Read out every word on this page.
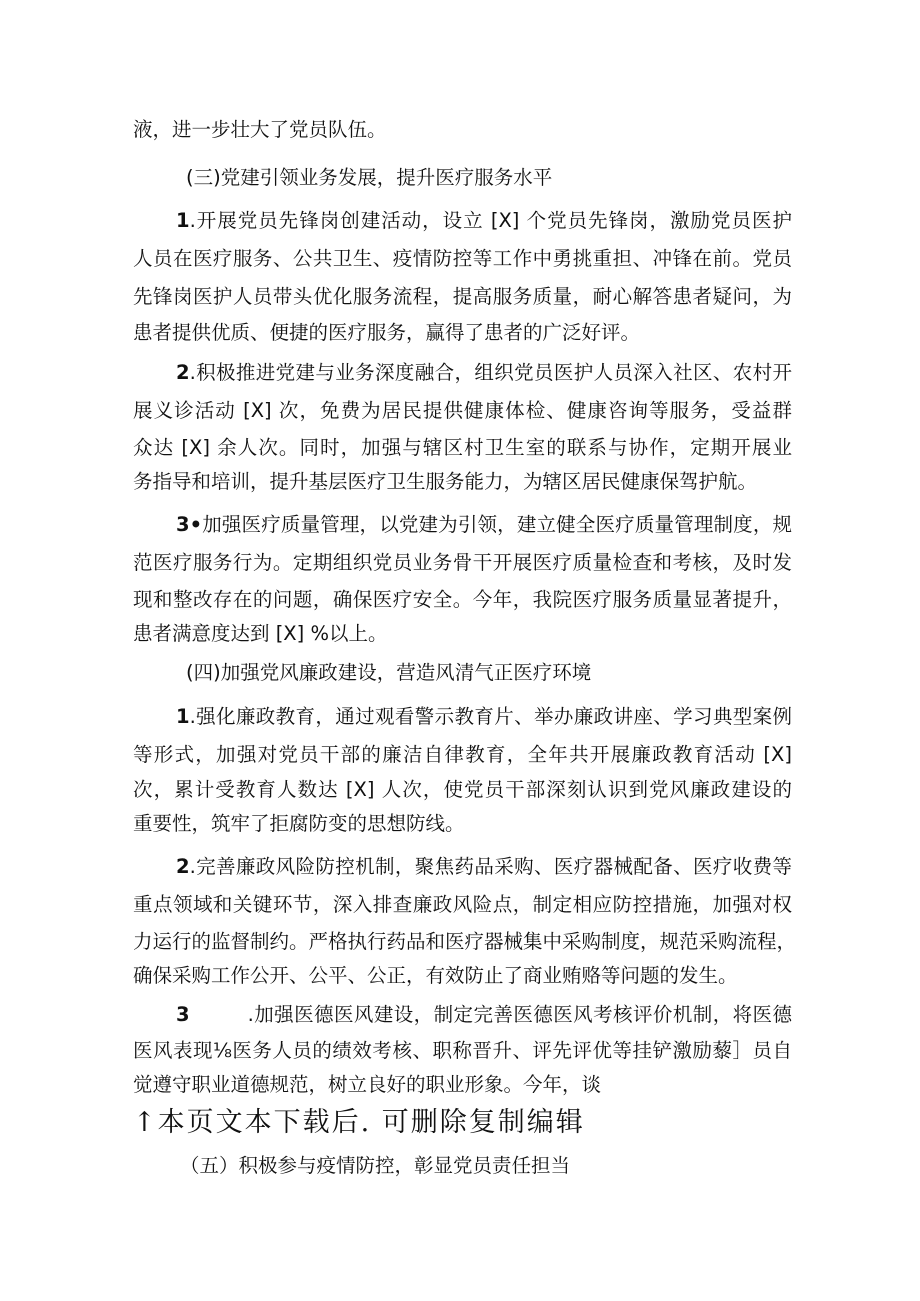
液，进一步壮大了党员队伍。
(三)党建引领业务发展，提升医疗服务水平
1.开展党员先锋岗创建活动，设立 [X] 个党员先锋岗，激励党员医护
人员在医疗服务、公共卫生、疫情防控等工作中勇挑重担、冲锋在前。党员
先锋岗医护人员带头优化服务流程，提高服务质量，耐心解答患者疑问，为
患者提供优质、便捷的医疗服务，赢得了患者的广泛好评。
2.积极推进党建与业务深度融合，组织党员医护人员深入社区、农村开
展义诊活动 [X] 次，免费为居民提供健康体检、健康咨询等服务，受益群
众达 [X] 余人次。同时，加强与辖区村卫生室的联系与协作，定期开展业
务指导和培训，提升基层医疗卫生服务能力，为辖区居民健康保驾护航。
3•加强医疗质量管理，以党建为引领，建立健全医疗质量管理制度，规
范医疗服务行为。定期组织党员业务骨干开展医疗质量检查和考核，及时发
现和整改存在的问题，确保医疗安全。今年，我院医疗服务质量显著提升，
患者满意度达到 [X] %以上。
(四)加强党风廉政建设，营造风清气正医疗环境
1.强化廉政教育，通过观看警示教育片、举办廉政讲座、学习典型案例
等形式，加强对党员干部的廉洁自律教育，全年共开展廉政教育活动 [X]
次，累计受教育人数达 [X] 人次，使党员干部深刻认识到党风廉政建设的
重要性，筑牢了拒腐防变的思想防线。
2.完善廉政风险防控机制，聚焦药品采购、医疗器械配备、医疗收费等
重点领域和关键环节，深入排查廉政风险点，制定相应防控措施，加强对权
力运行的监督制约。严格执行药品和医疗器械集中采购制度，规范采购流程，
确保采购工作公开、公平、公正，有效防止了商业贿赂等问题的发生。
3	.加强医德医风建设，制定完善医德医风考核评价机制，将医德
医风表现⅛医务人员的绩效考核、职称晋升、评先评优等挂铲激励藜］员自
觉遵守职业道德规范，树立良好的职业形象。今年，谈
↑本页文本下载后. 可删除复制编辑
（五）积极参与疫情防控，彰显党员责任担当
